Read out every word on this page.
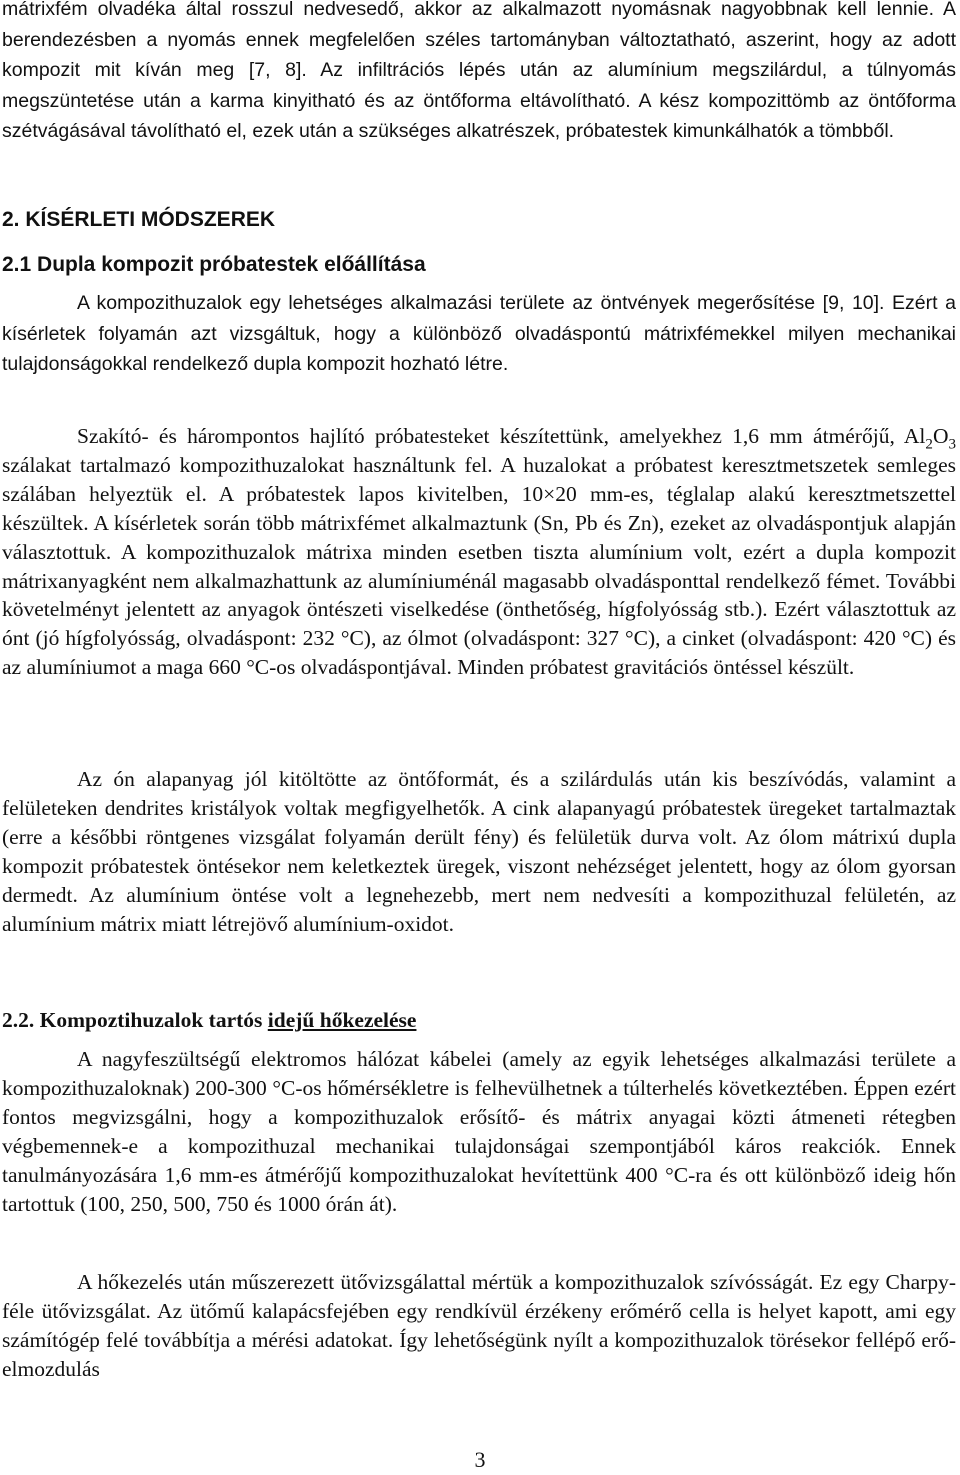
mátrixfém olvadéka által rosszul nedvesedő, akkor az alkalmazott nyomásnak nagyobbnak kell lennie. A berendezésben a nyomás ennek megfelelően széles tartományban változtatható, aszerint, hogy az adott kompozit mit kíván meg [7, 8]. Az infiltrációs lépés után az alumínium megszilárdul, a túlnyomás megszüntetése után a karma kinyitható és az öntőforma eltávolítható. A kész kompozittömb az öntőforma szétvágásával távolítható el, ezek után a szükséges alkatrészek, próbatestek kimunkálhatók a tömbből.

2. KÍSÉRLETI MÓDSZEREK

2.1 Dupla kompozit próbatestek előállítása

A kompozithuzalok egy lehetséges alkalmazási területe az öntvények megerősítése [9, 10]. Ezért a kísérletek folyamán azt vizsgáltuk, hogy a különböző olvadáspontú mátrixfémekkel milyen mechanikai tulajdonságokkal rendelkező dupla kompozit hozható létre.

Szakító- és hárompontos hajlító próbatesteket készítettünk, amelyekhez 1,6 mm átmérőjű, $Al_2O_3$ szálakat tartalmazó kompozithuzalokat használtunk fel. A huzalokat a próbatest keresztmetszetek semleges szálában helyeztük el. A próbatestek lapos kivitelben, 10×20 mm-es, téglalap alakú keresztmetszettel készültek. A kísérletek során több mátrixfémet alkalmaztunk (Sn, Pb és Zn), ezeket az olvadáspontjuk alapján választottuk. A kompozithuzalok mátrixa minden esetben tiszta alumínium volt, ezért a dupla kompozit mátrixanyagként nem alkalmazhattunk az alumíniuménál magasabb olvadásponttal rendelkező fémet. További követelményt jelentett az anyagok öntészeti viselkedése (önthetőség, hígfolyósság stb.). Ezért választottuk az ónt (jó hígfolyósság, olvadáspont: 232 °C), az ólmot (olvadáspont: 327 °C), a cinket (olvadáspont: 420 °C) és az alumíniumot a maga 660 °C-os olvadáspontjával. Minden próbatest gravitációs öntéssel készült.

Az ón alapanyag jól kitöltötte az öntőformát, és a szilárdulás után kis beszívódás, valamint a felületeken dendrites kristályok voltak megfigyelhetők. A cink alapanyagú próbatestek üregeket tartalmaztak (erre a későbbi röntgenes vizsgálat folyamán derült fény) és felületük durva volt. Az ólom mátrixú dupla kompozit próbatestek öntésekor nem keletkeztek üregek, viszont nehézséget jelentett, hogy az ólom gyorsan dermedt. Az alumínium öntése volt a legnehezebb, mert nem nedvesíti a kompozithuzal felületén, az alumínium mátrix miatt létrejövő alumínium-oxidot.

2.2. Kompoztihuzalok tartós idejű hőkezelése

A nagyfeszültségű elektromos hálózat kábelei (amely az egyik lehetséges alkalmazási területe a kompozithuzaloknak) 200-300 °C-os hőmérsékletre is felhevülhetnek a túlterhelés következtében. Éppen ezért fontos megvizsgálni, hogy a kompozithuzalok erősítő- és mátrix anyagai közti átmeneti rétegben végbemennek-e a kompozithuzal mechanikai tulajdonságai szempontjából káros reakciók. Ennek tanulmányozására 1,6 mm-es átmérőjű kompozithuzalokat hevítettünk 400 °C-ra és ott különböző ideig hőn tartottuk (100, 250, 500, 750 és 1000 órán át).

A hőkezelés után műszerezett ütővizsgálattal mértük a kompozithuzalok szívósságát. Ez egy Charpy-féle ütővizsgálat. Az ütőmű kalapácsfejében egy rendkívül érzékeny erőmérő cella is helyet kapott, ami egy számítógép felé továbbítja a mérési adatokat. Így lehetőségünk nyílt a kompozithuzalok törésekor fellépő erő-elmozdulás

3
